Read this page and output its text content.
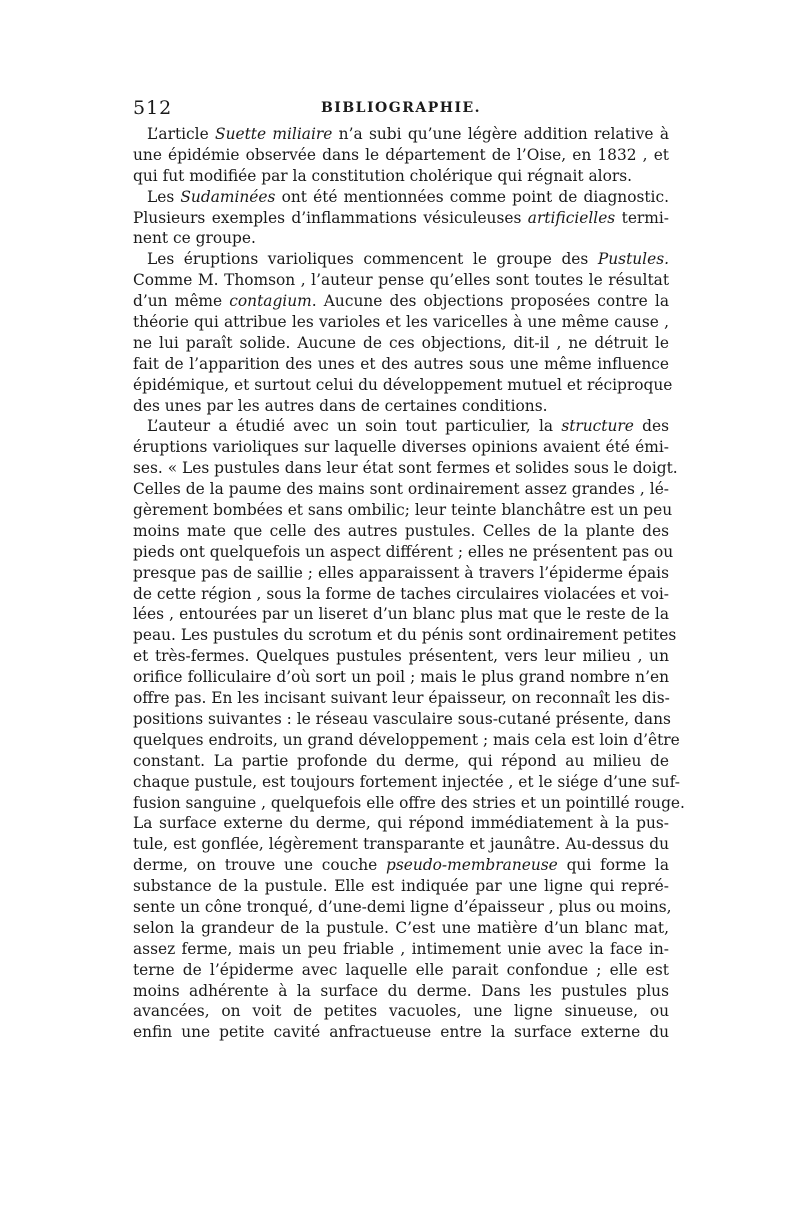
512	BIBLIOGRAPHIE.
L’article Suette miliaire n’a subi qu’une légère addition relative à
une épidémie observée dans le département de l’Oise, en 1832 , et
qui fut modifiée par la constitution cholérique qui régnait alors.
Les Sudaminées ont été mentionnées comme point de diagnostic.
Plusieurs exemples d’inflammations vésiculeuses artificielles termi-
nent ce groupe.
Les éruptions varioliques commencent le groupe des Pustules.
Comme M. Thomson , l’auteur pense qu’elles sont toutes le résultat
d’un même contagium. Aucune des objections proposées contre la
théorie qui attribue les varioles et les varicelles à une même cause ,
ne lui paraît solide. Aucune de ces objections, dit-il , ne détruit le
fait de l’apparition des unes et des autres sous une même influence
épidémique, et surtout celui du développement mutuel et réciproque
des unes par les autres dans de certaines conditions.
L’auteur a étudié avec un soin tout particulier, la structure des
éruptions varioliques sur laquelle diverses opinions avaient été émi-
ses. « Les pustules dans leur état sont fermes et solides sous le doigt.
Celles de la paume des mains sont ordinairement assez grandes , lé-
gèrement bombées et sans ombilic; leur teinte blanchâtre est un peu
moins mate que celle des autres pustules. Celles de la plante des
pieds ont quelquefois un aspect différent ; elles ne présentent pas ou
presque pas de saillie ; elles apparaissent à travers l’épiderme épais
de cette région , sous la forme de taches circulaires violacées et voi-
lées , entourées par un liseret d’un blanc plus mat que le reste de la
peau. Les pustules du scrotum et du pénis sont ordinairement petites
et très-fermes. Quelques pustules présentent, vers leur milieu , un
orifice folliculaire d’où sort un poil ; mais le plus grand nombre n’en
offre pas. En les incisant suivant leur épaisseur, on reconnaît les dis-
positions suivantes : le réseau vasculaire sous-cutané présente, dans
quelques endroits, un grand développement ; mais cela est loin d’être
constant. La partie profonde du derme, qui répond au milieu de
chaque pustule, est toujours fortement injectée , et le siége d’une suf-
fusion sanguine , quelquefois elle offre des stries et un pointillé rouge.
La surface externe du derme, qui répond immédiatement à la pus-
tule, est gonflée, légèrement transparante et jaunâtre. Au-dessus du
derme, on trouve une couche pseudo-membraneuse qui forme la
substance de la pustule. Elle est indiquée par une ligne qui repré-
sente un cône tronqué, d’une-demi ligne d’épaisseur , plus ou moins,
selon la grandeur de la pustule. C’est une matière d’un blanc mat,
assez ferme, mais un peu friable , intimement unie avec la face in-
terne de l’épiderme avec laquelle elle parait confondue ; elle est
moins adhérente à la surface du derme. Dans les pustules plus
avancées, on voit de petites vacuoles, une ligne sinueuse, ou
enfin une petite cavité anfractueuse entre la surface externe du
